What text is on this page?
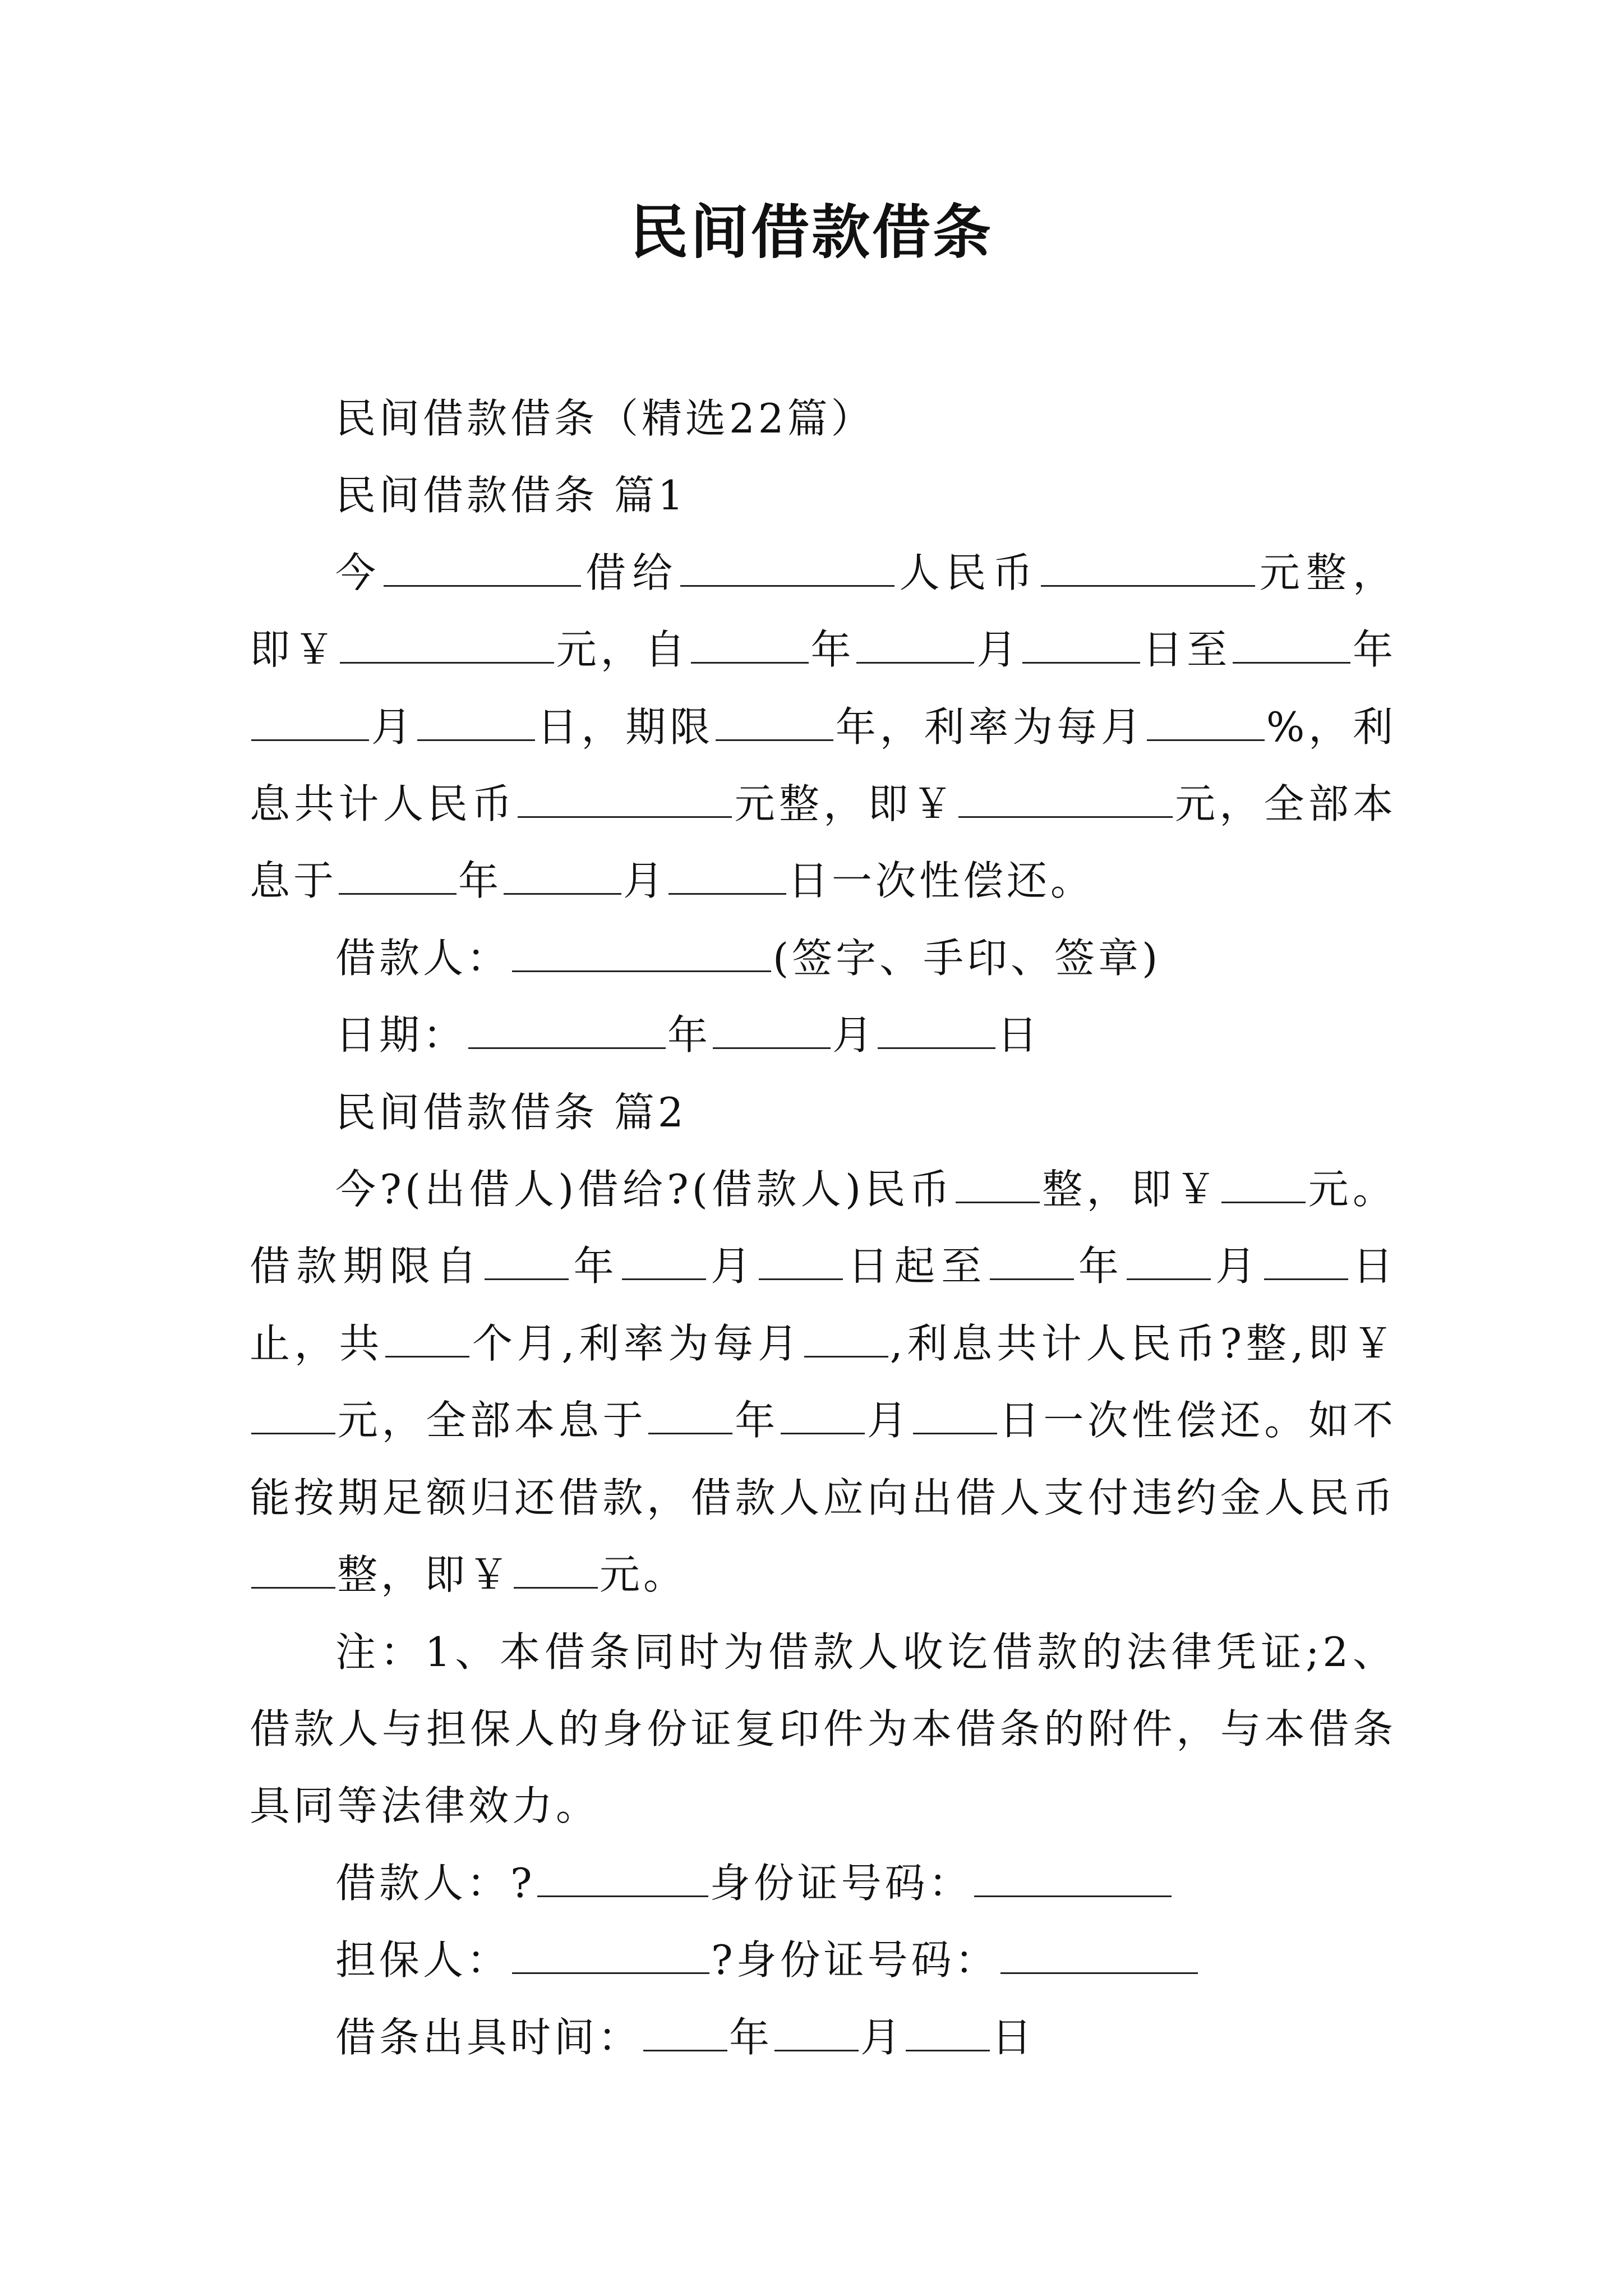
民间借款借条

民间借款借条（精选22篇）

民间借款借条 篇1

今	借给	人民币	元整，即￥	元，自	年	月	日至	年月	日，期限	年，利率为每月	%，利息共计人民币	元整，即￥	元，全部本息于	年	月	日一次性偿还。

借款人：	(签字、手印、签章)

日期：	年	月	日

民间借款借条 篇2

今?(出借人)借给?(借款人)民币 整，即￥ 元。借款期限自 年 月 日起至 年 月 日止，共 个月,利率为每月 ,利息共计人民币?整,即￥元，全部本息于 年 月 日一次性偿还。如不能按期足额归还借款，借款人应向出借人支付违约金人民币整，即￥ 元。

注：1、本借条同时为借款人收讫借款的法律凭证;2、借款人与担保人的身份证复印件为本借条的附件，与本借条具同等法律效力。

借款人：?	身份证号码：

担保人：	?身份证号码：

借条出具时间： 年 月 日
